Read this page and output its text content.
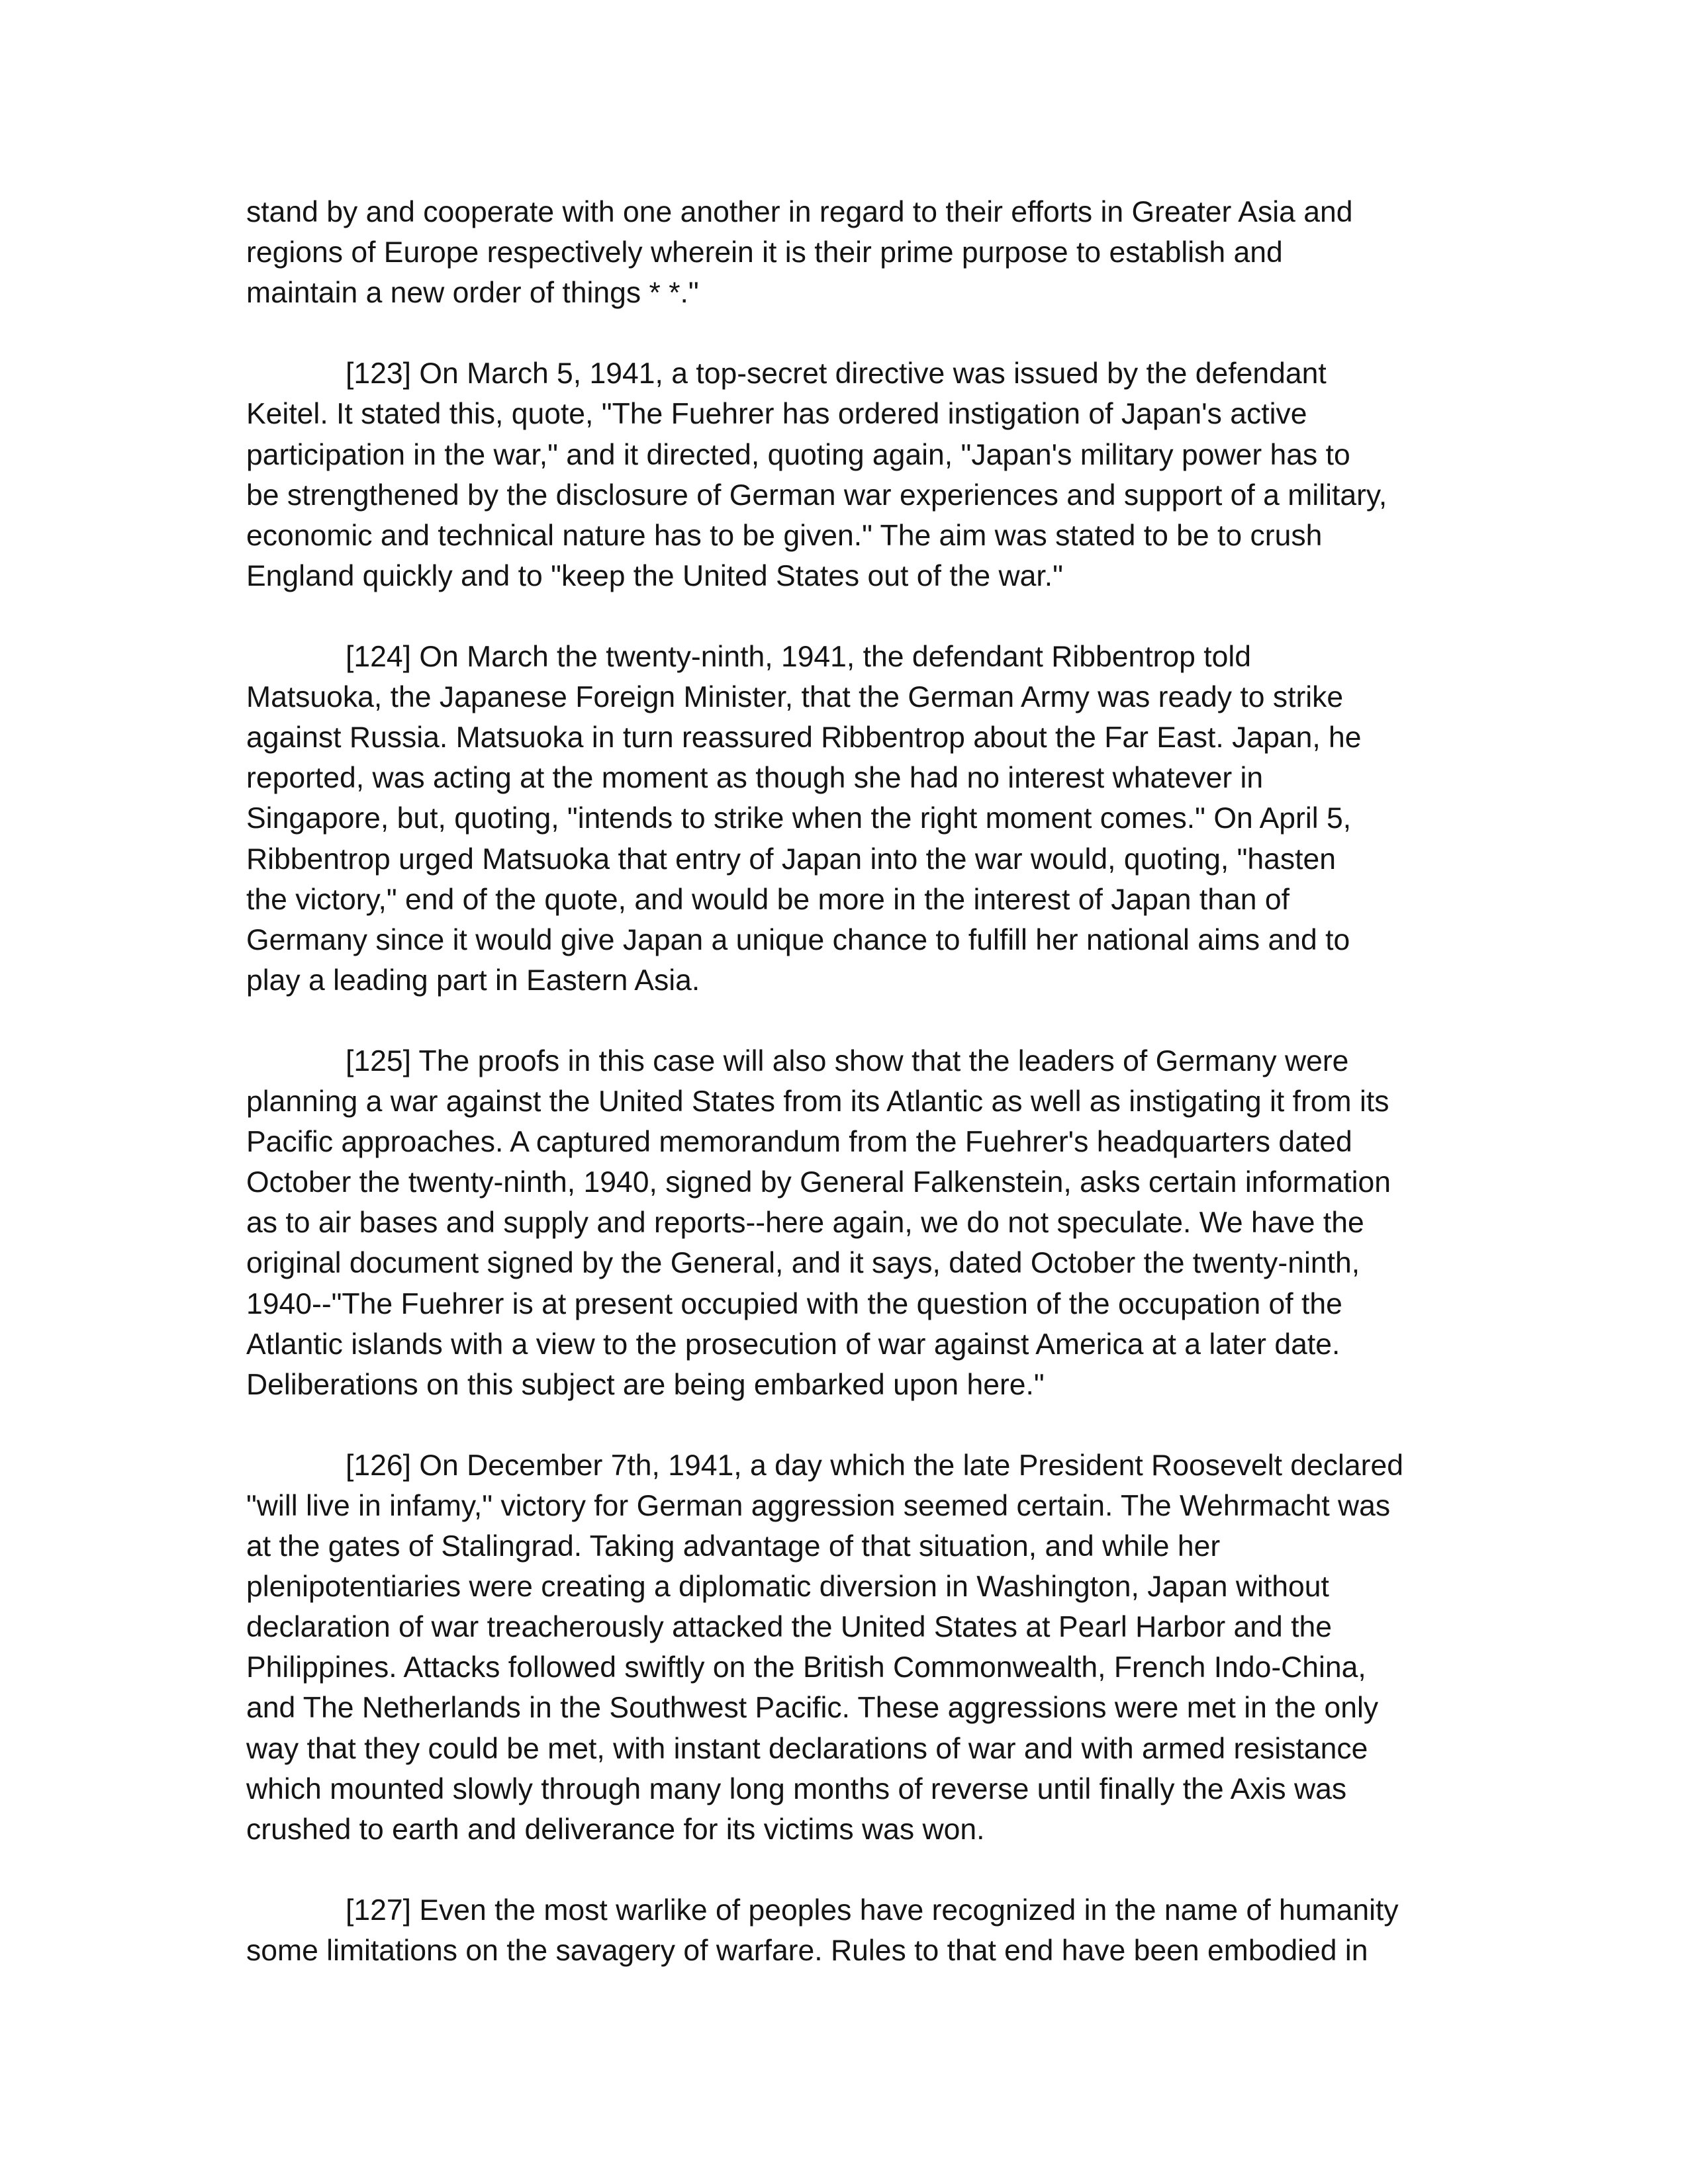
stand by and cooperate with one another in regard to their efforts in Greater Asia and
regions of Europe respectively wherein it is their prime purpose to establish and
maintain a new order of things * *."
[123] On March 5, 1941, a top-secret directive was issued by the defendant
Keitel. It stated this, quote, "The Fuehrer has ordered instigation of Japan's active
participation in the war," and it directed, quoting again, "Japan's military power has to
be strengthened by the disclosure of German war experiences and support of a military,
economic and technical nature has to be given." The aim was stated to be to crush
England quickly and to "keep the United States out of the war."
[124] On March the twenty-ninth, 1941, the defendant Ribbentrop told
Matsuoka, the Japanese Foreign Minister, that the German Army was ready to strike
against Russia. Matsuoka in turn reassured Ribbentrop about the Far East. Japan, he
reported, was acting at the moment as though she had no interest whatever in
Singapore, but, quoting, "intends to strike when the right moment comes." On April 5,
Ribbentrop urged Matsuoka that entry of Japan into the war would, quoting, "hasten
the victory," end of the quote, and would be more in the interest of Japan than of
Germany since it would give Japan a unique chance to fulfill her national aims and to
play a leading part in Eastern Asia.
[125] The proofs in this case will also show that the leaders of Germany were
planning a war against the United States from its Atlantic as well as instigating it from its
Pacific approaches. A captured memorandum from the Fuehrer's headquarters dated
October the twenty-ninth, 1940, signed by General Falkenstein, asks certain information
as to air bases and supply and reports--here again, we do not speculate. We have the
original document signed by the General, and it says, dated October the twenty-ninth,
1940--"The Fuehrer is at present occupied with the question of the occupation of the
Atlantic islands with a view to the prosecution of war against America at a later date.
Deliberations on this subject are being embarked upon here."
[126] On December 7th, 1941, a day which the late President Roosevelt declared
"will live in infamy," victory for German aggression seemed certain. The Wehrmacht was
at the gates of Stalingrad. Taking advantage of that situation, and while her
plenipotentiaries were creating a diplomatic diversion in Washington, Japan without
declaration of war treacherously attacked the United States at Pearl Harbor and the
Philippines. Attacks followed swiftly on the British Commonwealth, French Indo-China,
and The Netherlands in the Southwest Pacific. These aggressions were met in the only
way that they could be met, with instant declarations of war and with armed resistance
which mounted slowly through many long months of reverse until finally the Axis was
crushed to earth and deliverance for its victims was won.
[127] Even the most warlike of peoples have recognized in the name of humanity
some limitations on the savagery of warfare. Rules to that end have been embodied in
